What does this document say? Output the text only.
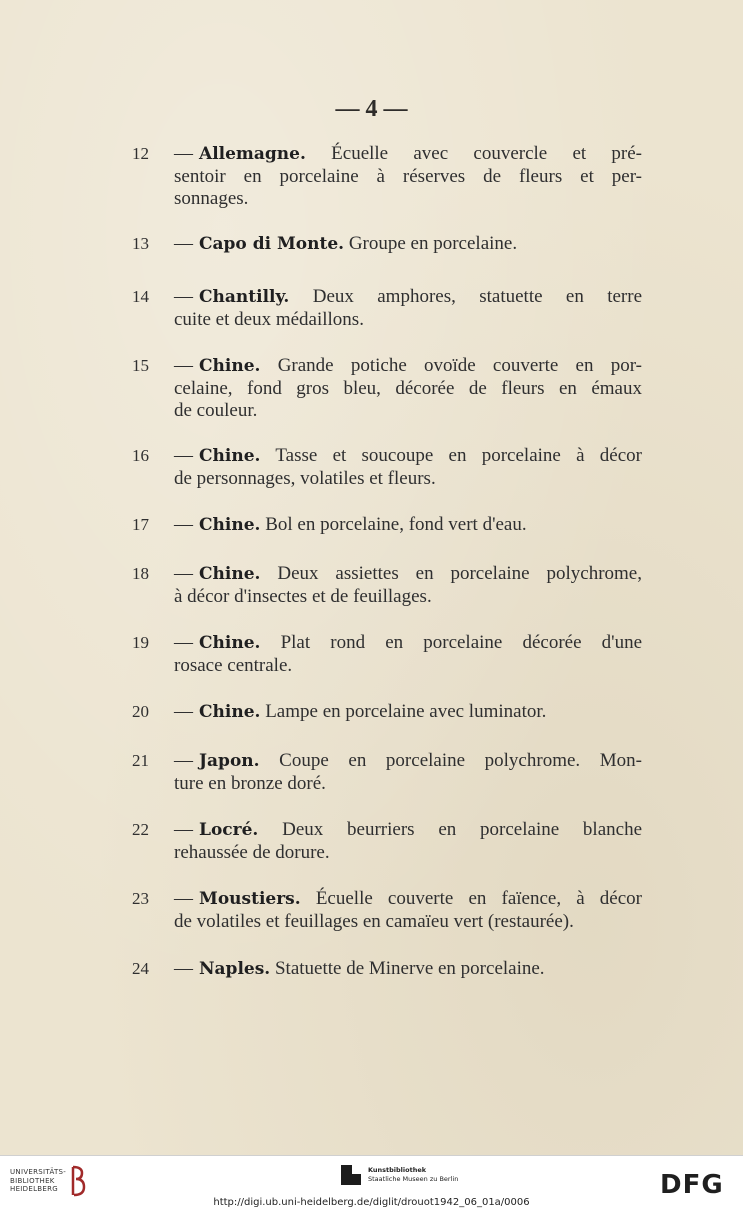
— 4 —
12 — Allemagne. Écuelle avec couvercle et pré-
sentoir en porcelaine à réserves de fleurs et per-
sonnages.
13 — Capo di Monte. Groupe en porcelaine.
14 — Chantilly. Deux amphores, statuette en terre
cuite et deux médaillons.
15 — Chine. Grande potiche ovoïde couverte en por-
celaine, fond gros bleu, décorée de fleurs en émaux
de couleur.
16 — Chine. Tasse et soucoupe en porcelaine à décor
de personnages, volatiles et fleurs.
17 — Chine. Bol en porcelaine, fond vert d'eau.
18 — Chine. Deux assiettes en porcelaine polychrome,
à décor d'insectes et de feuillages.
19 — Chine. Plat rond en porcelaine décorée d'une
rosace centrale.
20 — Chine. Lampe en porcelaine avec luminator.
21 — Japon. Coupe en porcelaine polychrome. Mon-
ture en bronze doré.
22 — Locré. Deux beurriers en porcelaine blanche
rehaussée de dorure.
23 — Moustiers. Écuelle couverte en faïence, à décor
de volatiles et feuillages en camaïeu vert (restaurée).
24 — Naples. Statuette de Minerve en porcelaine.
UNIVERSITÄTS-
BIBLIOTHEK
HEIDELBERG
Kunstbibliothek
Staatliche Museen zu Berlin	DFG
http://digi.ub.uni-heidelberg.de/diglit/drouot1942_06_01a/0006
